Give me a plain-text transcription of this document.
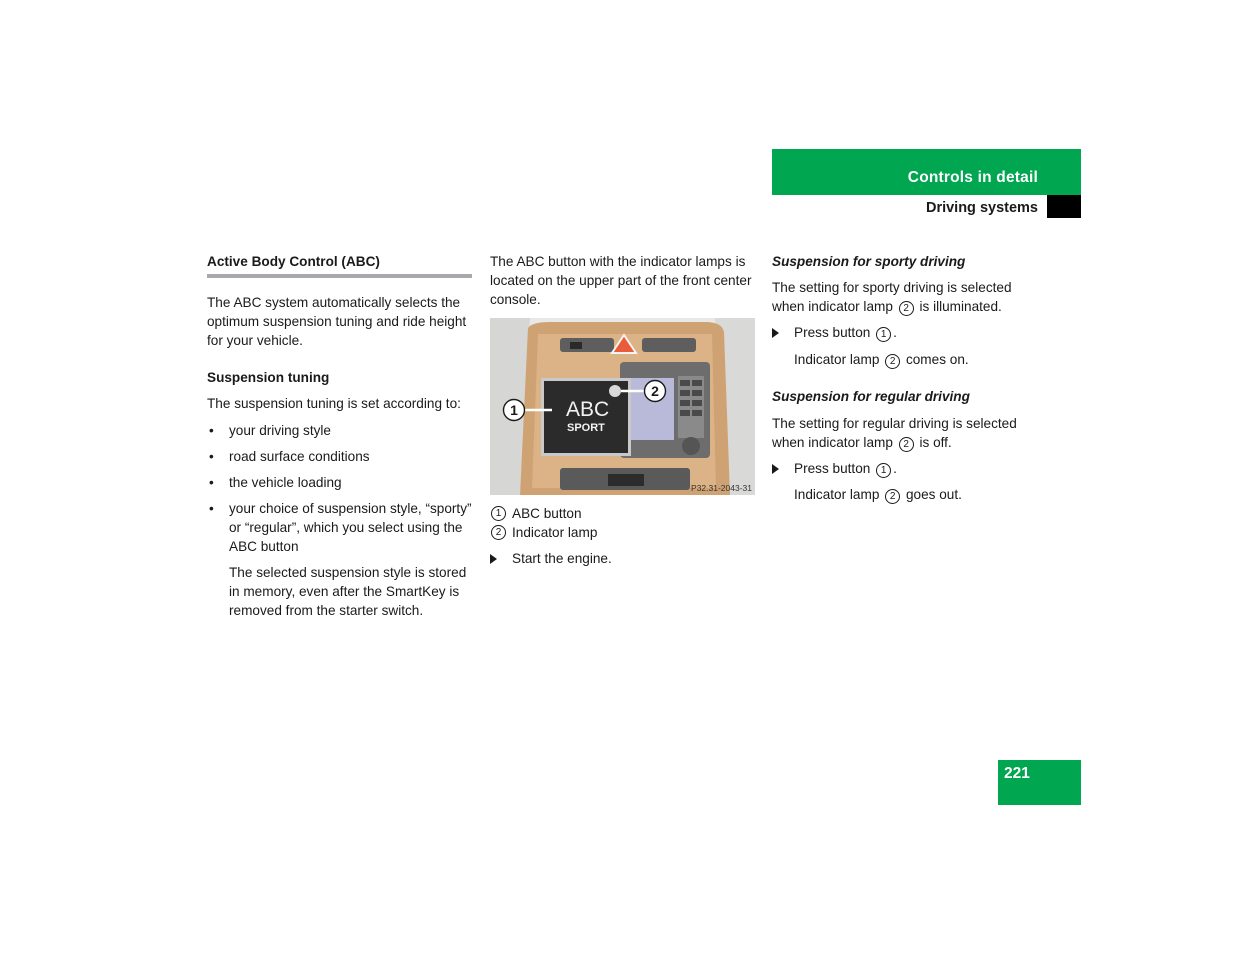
Controls in detail
Driving systems
Active Body Control (ABC)

The ABC system automatically selects the optimum suspension tuning and ride height for your vehicle.

Suspension tuning

The suspension tuning is set according to:

• your driving style
• road surface conditions
• the vehicle loading
• your choice of suspension style, “sporty” or “regular”, which you select using the ABC button

The selected suspension style is stored in memory, even after the SmartKey is removed from the starter switch.

The ABC button with the indicator lamps is located on the upper part of the front center console.

ABC
SPORT
1
2
P32.31-2043-31
1 ABC button
2 Indicator lamp
Start the engine.

Suspension for sporty driving

The setting for sporty driving is selected when indicator lamp 2 is illuminated.

Press button 1 .

Indicator lamp 2 comes on.

Suspension for regular driving

The setting for regular driving is selected when indicator lamp 2 is off.

Press button 1 .

Indicator lamp 2 goes out.

221
